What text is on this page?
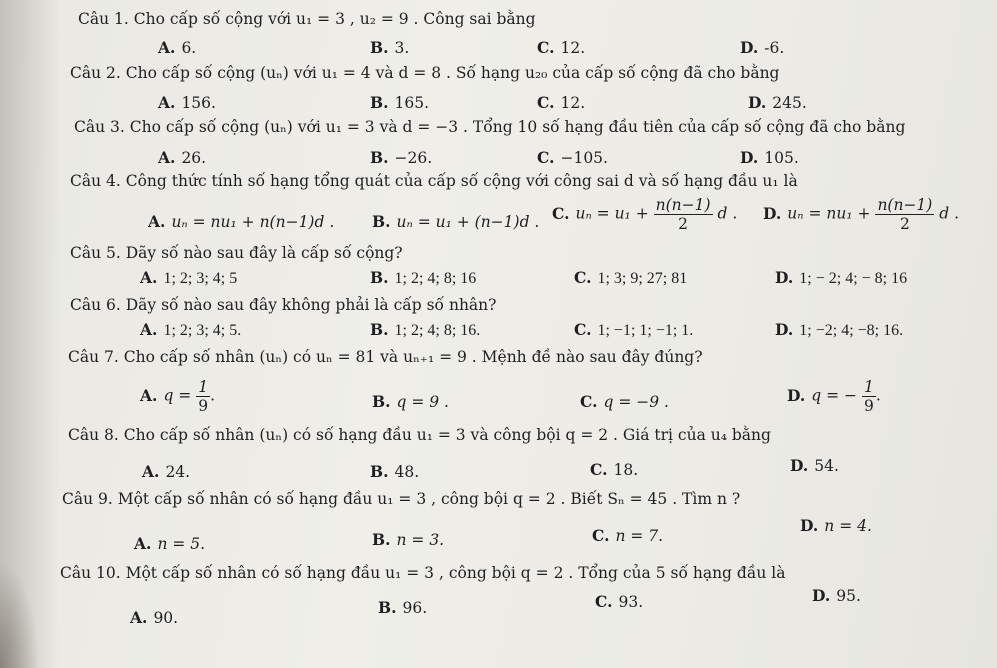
Câu 1. Cho cấp số cộng với u₁ = 3 , u₂ = 9 . Công sai bằng
A. 6.	B. 3.	C. 12.	D. -6.
Câu 2. Cho cấp số cộng (uₙ) với u₁ = 4 và d = 8 . Số hạng u₂₀ của cấp số cộng đã cho bằng
A. 156.	B. 165.	C. 12.	D. 245.
Câu 3. Cho cấp số cộng (uₙ) với u₁ = 3 và d = −3 . Tổng 10 số hạng đầu tiên của cấp số cộng đã cho bằng
A. 26.	B. −26.	C. −105.	D. 105.
Câu 4. Công thức tính số hạng tổng quát của cấp số cộng với công sai d và số hạng đầu u₁ là
A. uₙ = nu₁ + n(n−1)d . B. uₙ = u₁ + (n−1)d . C. $u_n = u_1 + \frac{n(n-1)}{2}$ d . D. $u_n = nu_1 + \frac{n(n-1)}{2}$ d .
Câu 5. Dãy số nào sau đây là cấp số cộng?
A. 1; 2; 3; 4; 5	B. 1; 2; 4; 8; 16	C. 1; 3; 9; 27; 81	D. 1; − 2; 4; − 8; 16
Câu 6. Dãy số nào sau đây không phải là cấp số nhân?
A. 1; 2; 3; 4; 5.	B. 1; 2; 4; 8; 16.	C. 1; −1; 1; −1; 1.	D. 1; −2; 4; −8; 16.
Câu 7. Cho cấp số nhân (uₙ) có uₙ = 81 và uₙ₊₁ = 9 . Mệnh đề nào sau đây đúng?
A. $q = \frac{1}{9}$ .	B. q = 9 .	C. q = −9 .	D. q = − $\frac{1}{9}$ .
Câu 8. Cho cấp số nhân (uₙ) có số hạng đầu u₁ = 3 và công bội q = 2 . Giá trị của u₄ bằng
A. 24.	B. 48.	C. 18.	D. 54.
Câu 9. Một cấp số nhân có số hạng đầu u₁ = 3 , công bội q = 2 . Biết Sₙ = 45 . Tìm n ?
A. n = 5.	B. n = 3.	C. n = 7.
D. n = 4.
Câu 10. Một cấp số nhân có số hạng đầu u₁ = 3 , công bội q = 2 . Tổng của 5 số hạng đầu là
A. 90.
B. 96.	C. 93.	D. 95.
